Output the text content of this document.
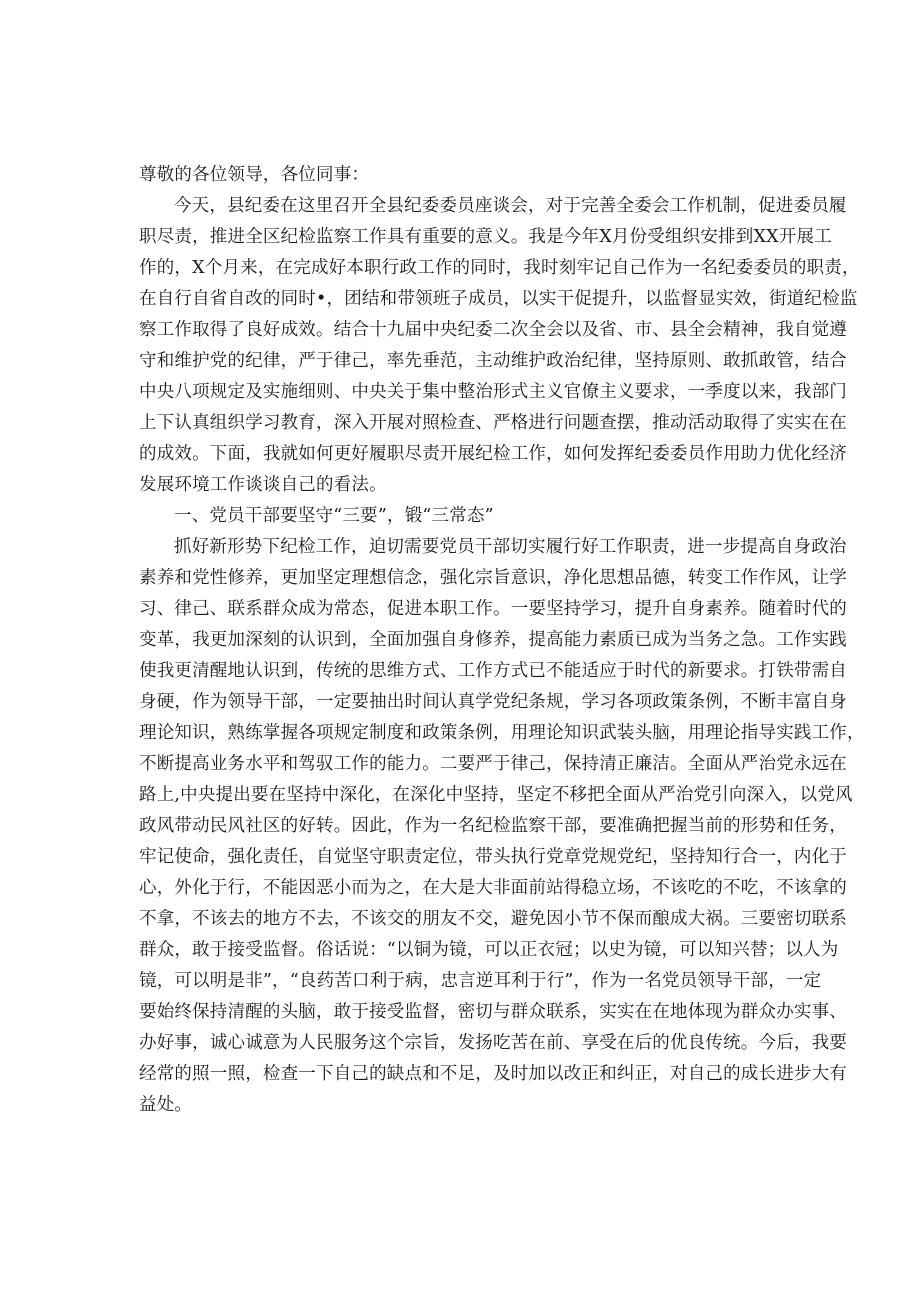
尊敬的各位领导，各位同事：
今天，县纪委在这里召开全县纪委委员座谈会，对于完善全委会工作机制，促进委员履
职尽责，推进全区纪检监察工作具有重要的意义。我是今年X月份受组织安排到XX开展工
作的，X个月来，在完成好本职行政工作的同时，我时刻牢记自己作为一名纪委委员的职责，
在自行自省自改的同时•，团结和带领班子成员，以实干促提升，以监督显实效，街道纪检监
察工作取得了良好成效。结合十九届中央纪委二次全会以及省、市、县全会精神，我自觉遵
守和维护党的纪律，严于律己，率先垂范，主动维护政治纪律，坚持原则、敢抓敢管，结合
中央八项规定及实施细则、中央关于集中整治形式主义官僚主义要求，一季度以来，我部门
上下认真组织学习教育，深入开展对照检查、严格进行问题查摆，推动活动取得了实实在在
的成效。下面，我就如何更好履职尽责开展纪检工作，如何发挥纪委委员作用助力优化经济
发展环境工作谈谈自己的看法。
一、党员干部要坚守“三要”，锻“三常态”
抓好新形势下纪检工作，迫切需要党员干部切实履行好工作职责，进一步提高自身政治
素养和党性修养，更加坚定理想信念，强化宗旨意识，净化思想品德，转变工作作风，让学
习、律己、联系群众成为常态，促进本职工作。一要坚持学习，提升自身素养。随着时代的
变革，我更加深刻的认识到，全面加强自身修养，提高能力素质已成为当务之急。工作实践
使我更清醒地认识到，传统的思维方式、工作方式已不能适应于时代的新要求。打铁带需自
身硬，作为领导干部，一定要抽出时间认真学党纪条规，学习各项政策条例，不断丰富自身
理论知识，熟练掌握各项规定制度和政策条例，用理论知识武装头脑，用理论指导实践工作，
不断提高业务水平和驾驭工作的能力。二要严于律己，保持清正廉洁。全面从严治党永远在
路上,中央提出要在坚持中深化，在深化中坚持，坚定不移把全面从严治党引向深入，以党风
政风带动民风社区的好转。因此，作为一名纪检监察干部，要准确把握当前的形势和任务，
牢记使命，强化责任，自觉坚守职责定位，带头执行党章党规党纪，坚持知行合一，内化于
心，外化于行，不能因恶小而为之，在大是大非面前站得稳立场，不该吃的不吃，不该拿的
不拿，不该去的地方不去，不该交的朋友不交，避免因小节不保而酿成大祸。三要密切联系
群众，敢于接受监督。俗话说：“以铜为镜，可以正衣冠；以史为镜，可以知兴替；以人为
镜，可以明是非”，“良药苦口利于病，忠言逆耳利于行”，作为一名党员领导干部，一定
要始终保持清醒的头脑，敢于接受监督，密切与群众联系，实实在在地体现为群众办实事、
办好事，诚心诚意为人民服务这个宗旨，发扬吃苦在前、享受在后的优良传统。今后，我要
经常的照一照，检查一下自己的缺点和不足，及时加以改正和纠正，对自己的成长进步大有
益处。
